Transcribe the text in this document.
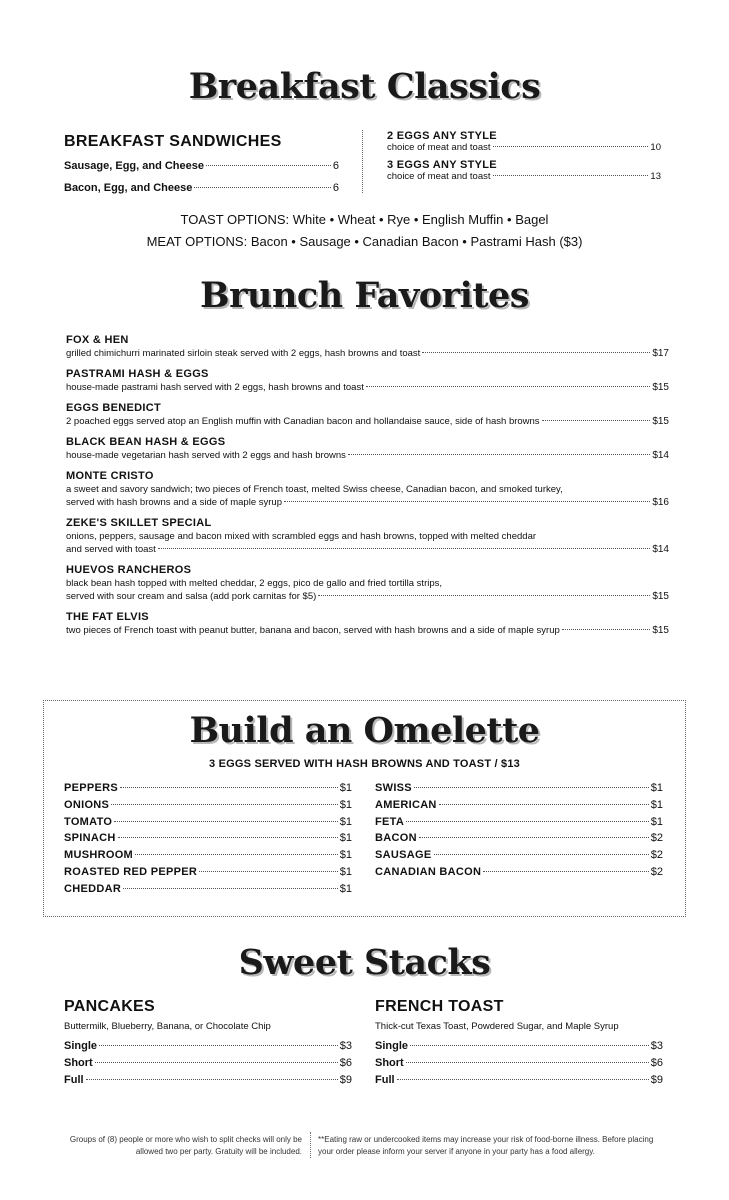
Breakfast Classics
BREAKFAST SANDWICHES
Sausage, Egg, and Cheese	6
Bacon, Egg, and Cheese	6
2 EGGS ANY STYLE
choice of meat and toast	10
3 EGGS ANY STYLE
choice of meat and toast	13
TOAST OPTIONS: White • Wheat • Rye • English Muffin • Bagel
MEAT OPTIONS: Bacon • Sausage • Canadian Bacon • Pastrami Hash ($3)
Brunch Favorites
FOX & HEN
grilled chimichurri marinated sirloin steak served with 2 eggs, hash browns and toast	$17
PASTRAMI HASH & EGGS
house-made pastrami hash served with 2 eggs, hash browns and toast	$15
EGGS BENEDICT
2 poached eggs served atop an English muffin with Canadian bacon and hollandaise sauce, side of hash browns	$15
BLACK BEAN HASH & EGGS
house-made vegetarian hash served with 2 eggs and hash browns	$14
MONTE CRISTO
a sweet and savory sandwich; two pieces of French toast, melted Swiss cheese, Canadian bacon, and smoked turkey,
served with hash browns and a side of maple syrup	$16
ZEKE'S SKILLET SPECIAL
onions, peppers, sausage and bacon mixed with scrambled eggs and hash browns, topped with melted cheddar
and served with toast	$14
HUEVOS RANCHEROS
black bean hash topped with melted cheddar, 2 eggs, pico de gallo and fried tortilla strips,
served with sour cream and salsa (add pork carnitas for $5)	$15
THE FAT ELVIS
two pieces of French toast with peanut butter, banana and bacon, served with hash browns and a side of maple syrup	$15
Build an Omelette
3 EGGS SERVED WITH HASH BROWNS AND TOAST / $13
PEPPERS	$1
ONIONS	$1
TOMATO	$1
SPINACH	$1
MUSHROOM	$1
ROASTED RED PEPPER	$1
CHEDDAR	$1
SWISS	$1
AMERICAN	$1
FETA	$1
BACON	$2
SAUSAGE	$2
CANADIAN BACON	$2
Sweet Stacks
PANCAKES
Buttermilk, Blueberry, Banana, or Chocolate Chip
Single	$3
Short	$6
Full	$9
FRENCH TOAST
Thick-cut Texas Toast, Powdered Sugar, and Maple Syrup
Single	$3
Short	$6
Full	$9
Groups of (8) people or more who wish to split checks will only be
allowed two per party. Gratuity will be included.
**Eating raw or undercooked items may increase your risk of food-borne illness. Before placing
your order please inform your server if anyone in your party has a food allergy.
